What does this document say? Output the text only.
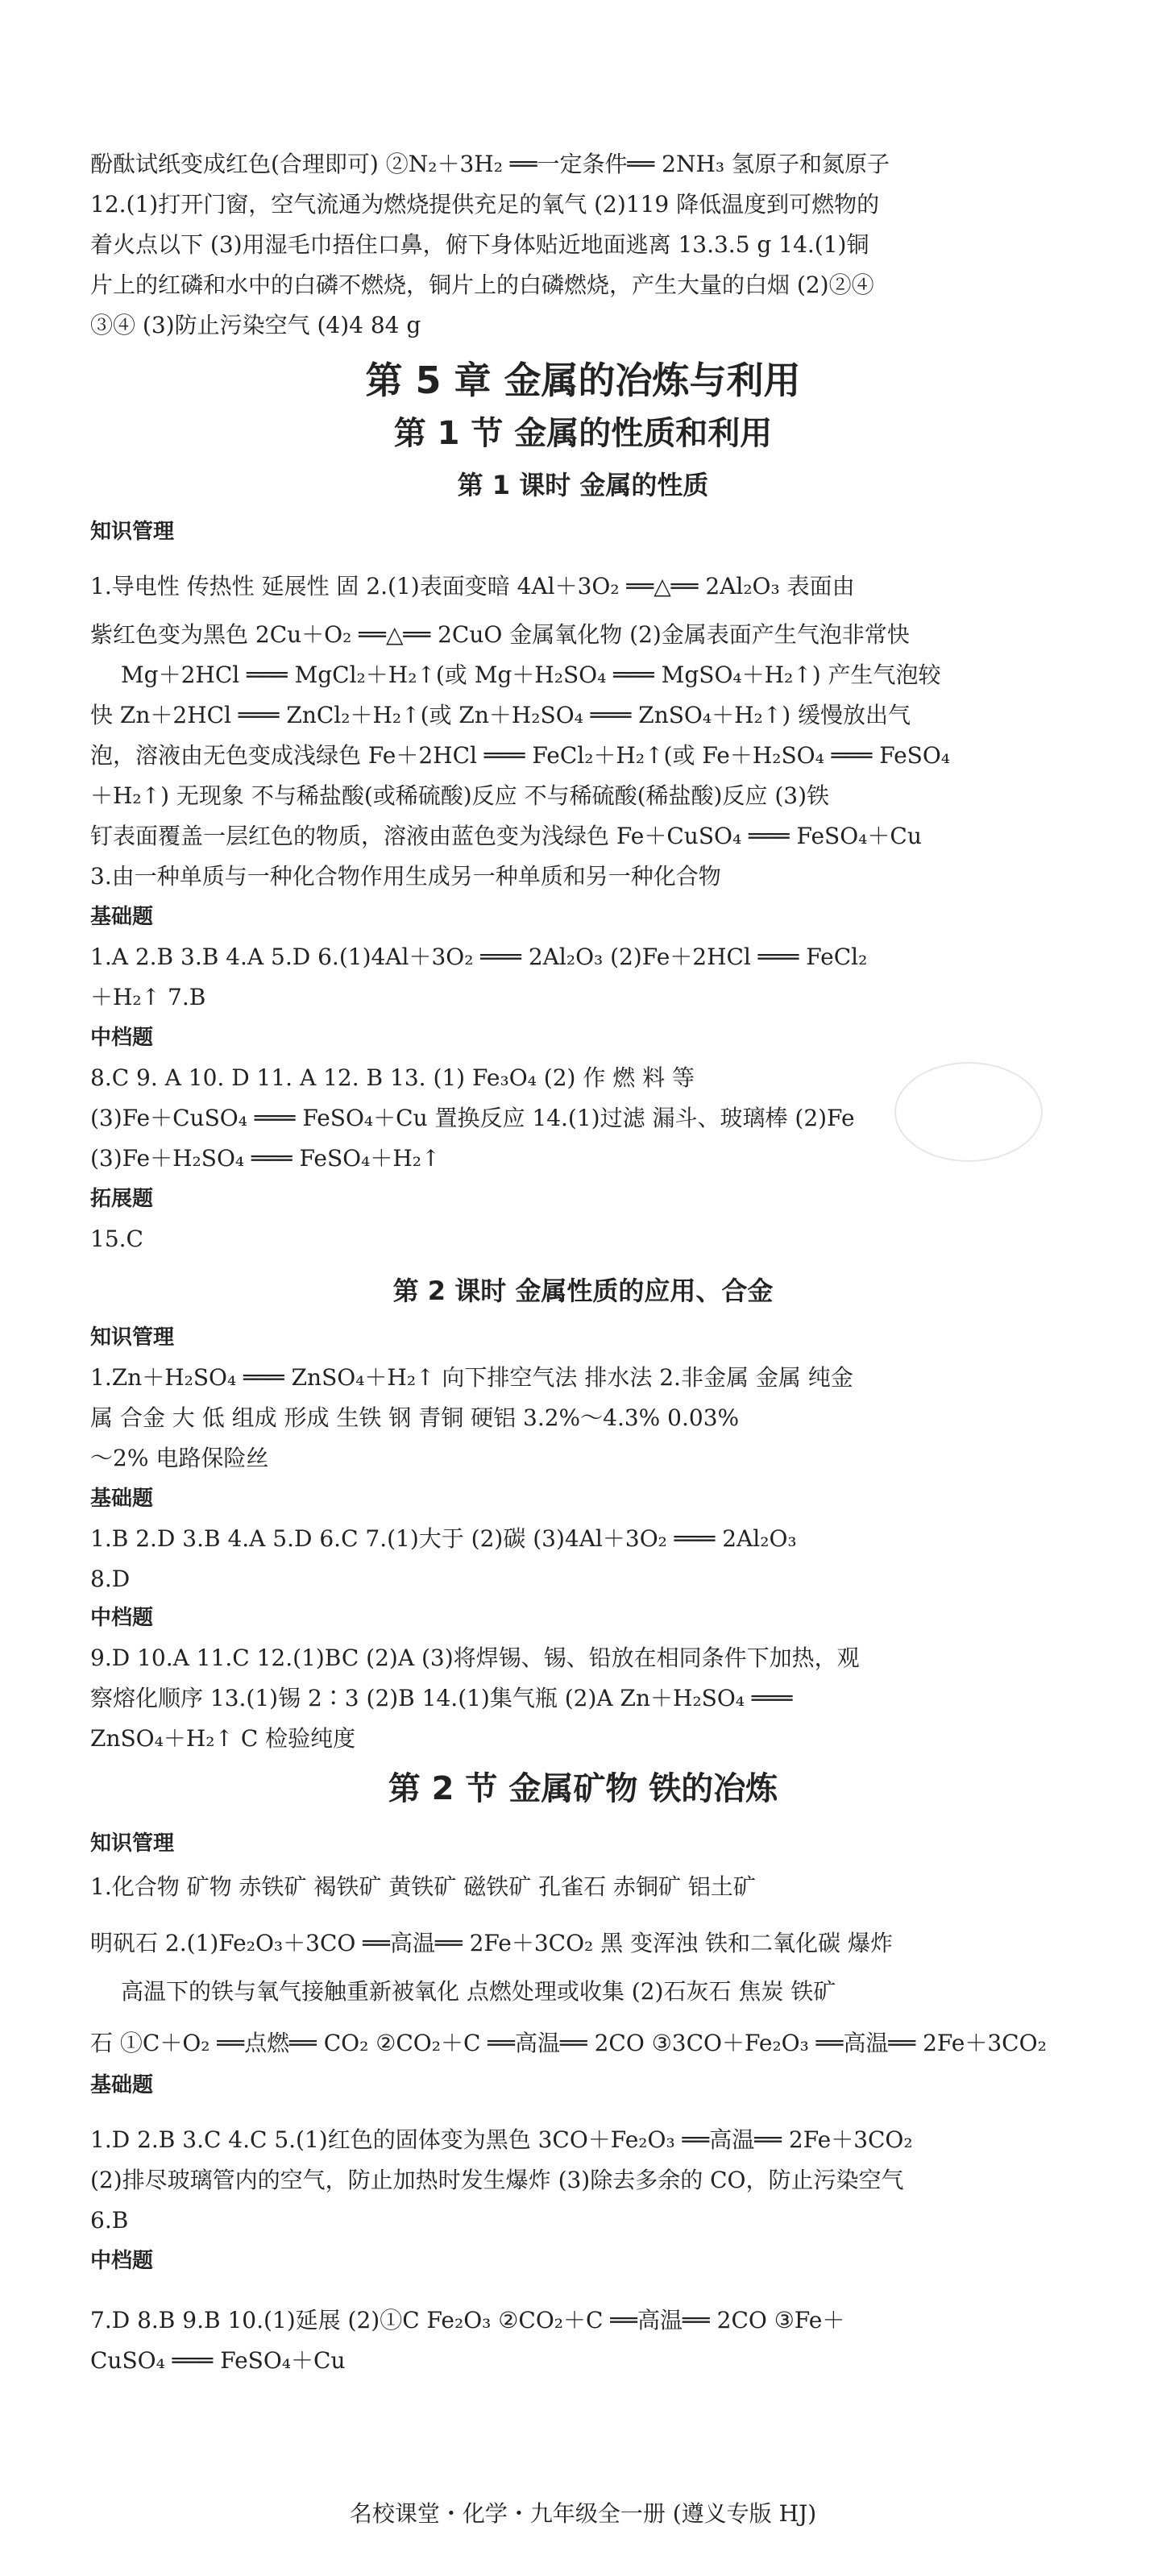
酚酞试纸变成红色(合理即可) ②N₂＋3H₂ ══一定条件══ 2NH₃ 氢原子和氮原子
12.(1)打开门窗，空气流通为燃烧提供充足的氧气 (2)119 降低温度到可燃物的
着火点以下 (3)用湿毛巾捂住口鼻，俯下身体贴近地面逃离 13.3.5 g 14.(1)铜
片上的红磷和水中的白磷不燃烧，铜片上的白磷燃烧，产生大量的白烟 (2)②④
③④ (3)防止污染空气 (4)4 84 g
第 5 章 金属的冶炼与利用
第 1 节 金属的性质和利用
第 1 课时 金属的性质
知识管理
1.导电性 传热性 延展性 固 2.(1)表面变暗 4Al＋3O₂ ══△══ 2Al₂O₃ 表面由
紫红色变为黑色 2Cu＋O₂ ══△══ 2CuO 金属氧化物 (2)金属表面产生气泡非常快
Mg＋2HCl ═══ MgCl₂＋H₂↑(或 Mg＋H₂SO₄ ═══ MgSO₄＋H₂↑) 产生气泡较
快 Zn＋2HCl ═══ ZnCl₂＋H₂↑(或 Zn＋H₂SO₄ ═══ ZnSO₄＋H₂↑) 缓慢放出气
泡，溶液由无色变成浅绿色 Fe＋2HCl ═══ FeCl₂＋H₂↑(或 Fe＋H₂SO₄ ═══ FeSO₄
＋H₂↑) 无现象 不与稀盐酸(或稀硫酸)反应 不与稀硫酸(稀盐酸)反应 (3)铁
钉表面覆盖一层红色的物质，溶液由蓝色变为浅绿色 Fe＋CuSO₄ ═══ FeSO₄＋Cu
3.由一种单质与一种化合物作用生成另一种单质和另一种化合物
基础题
1.A 2.B 3.B 4.A 5.D 6.(1)4Al＋3O₂ ═══ 2Al₂O₃ (2)Fe＋2HCl ═══ FeCl₂
＋H₂↑ 7.B
中档题
8.C 9. A 10. D 11. A 12. B 13. (1) Fe₃O₄ (2) 作 燃 料 等
(3)Fe＋CuSO₄ ═══ FeSO₄＋Cu 置换反应 14.(1)过滤 漏斗、玻璃棒 (2)Fe
(3)Fe＋H₂SO₄ ═══ FeSO₄＋H₂↑
拓展题
15.C
第 2 课时 金属性质的应用、合金
知识管理
1.Zn＋H₂SO₄ ═══ ZnSO₄＋H₂↑ 向下排空气法 排水法 2.非金属 金属 纯金
属 合金 大 低 组成 形成 生铁 钢 青铜 硬铝 3.2%～4.3% 0.03%
～2% 电路保险丝
基础题
1.B 2.D 3.B 4.A 5.D 6.C 7.(1)大于 (2)碳 (3)4Al＋3O₂ ═══ 2Al₂O₃
8.D
中档题
9.D 10.A 11.C 12.(1)BC (2)A (3)将焊锡、锡、铅放在相同条件下加热，观
察熔化顺序 13.(1)锡 2∶3 (2)B 14.(1)集气瓶 (2)A Zn＋H₂SO₄ ═══
ZnSO₄＋H₂↑ C 检验纯度
第 2 节 金属矿物 铁的冶炼
知识管理
1.化合物 矿物 赤铁矿 褐铁矿 黄铁矿 磁铁矿 孔雀石 赤铜矿 铝土矿
明矾石 2.(1)Fe₂O₃＋3CO ══高温══ 2Fe＋3CO₂ 黑 变浑浊 铁和二氧化碳 爆炸
高温下的铁与氧气接触重新被氧化 点燃处理或收集 (2)石灰石 焦炭 铁矿
石 ①C＋O₂ ══点燃══ CO₂ ②CO₂＋C ══高温══ 2CO ③3CO＋Fe₂O₃ ══高温══ 2Fe＋3CO₂
基础题
1.D 2.B 3.C 4.C 5.(1)红色的固体变为黑色 3CO＋Fe₂O₃ ══高温══ 2Fe＋3CO₂
(2)排尽玻璃管内的空气，防止加热时发生爆炸 (3)除去多余的 CO，防止污染空气
6.B
中档题
7.D 8.B 9.B 10.(1)延展 (2)①C Fe₂O₃ ②CO₂＋C ══高温══ 2CO ③Fe＋
CuSO₄ ═══ FeSO₄＋Cu
名校课堂・化学・九年级全一册 (遵义专版 HJ)
